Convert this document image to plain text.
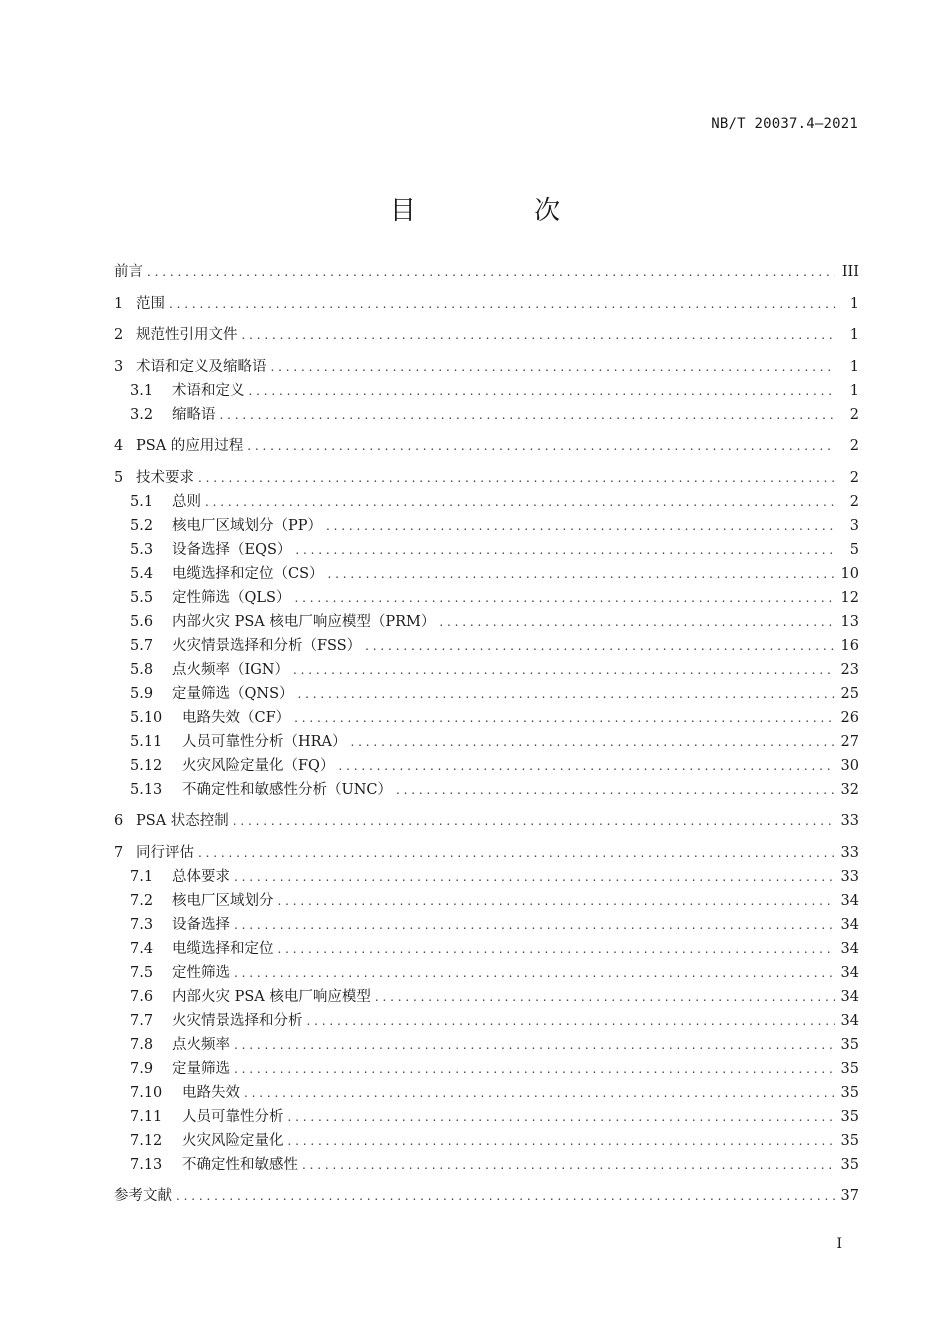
NB/T 20037.4—2021
目 次
前言 . . .	III
1 范围 . . .	1
2 规范性引用文件 . . .	1
3 术语和定义及缩略语 . . .	1
3.1	术语和定义 . . .	1
3.2	缩略语 . . .	2
4 PSA 的应用过程 . . .	2
5 技术要求 . . .	2
5.1	总则 . . .	2
5.2	核电厂区域划分（PP） . . .	3
5.3	设备选择（EQS） . . .	5
5.4	电缆选择和定位（CS） . . .	10
5.5	定性筛选（QLS） . . .	12
5.6	内部火灾 PSA 核电厂响应模型（PRM） . . .	13
5.7	火灾情景选择和分析（FSS） . . .	16
5.8	点火频率（IGN） . . .	23
5.9	定量筛选（QNS） . . .	25
5.10	电路失效（CF） . . .	26
5.11	人员可靠性分析（HRA） . . .	27
5.12	火灾风险定量化（FQ） . . .	30
5.13	不确定性和敏感性分析（UNC） . . .	32
6 PSA 状态控制 . . .	33
7 同行评估 . . .	33
7.1	总体要求 . . .	33
7.2	核电厂区域划分 . . .	34
7.3	设备选择 . . .	34
7.4	电缆选择和定位 . . .	34
7.5	定性筛选 . . .	34
7.6	内部火灾 PSA 核电厂响应模型 . . .	34
7.7	火灾情景选择和分析 . . .	34
7.8	点火频率 . . .	35
7.9	定量筛选 . . .	35
7.10	电路失效 . . .	35
7.11	人员可靠性分析 . . .	35
7.12	火灾风险定量化 . . .	35
7.13	不确定性和敏感性 . . .	35
参考文献 . . .	37
I
